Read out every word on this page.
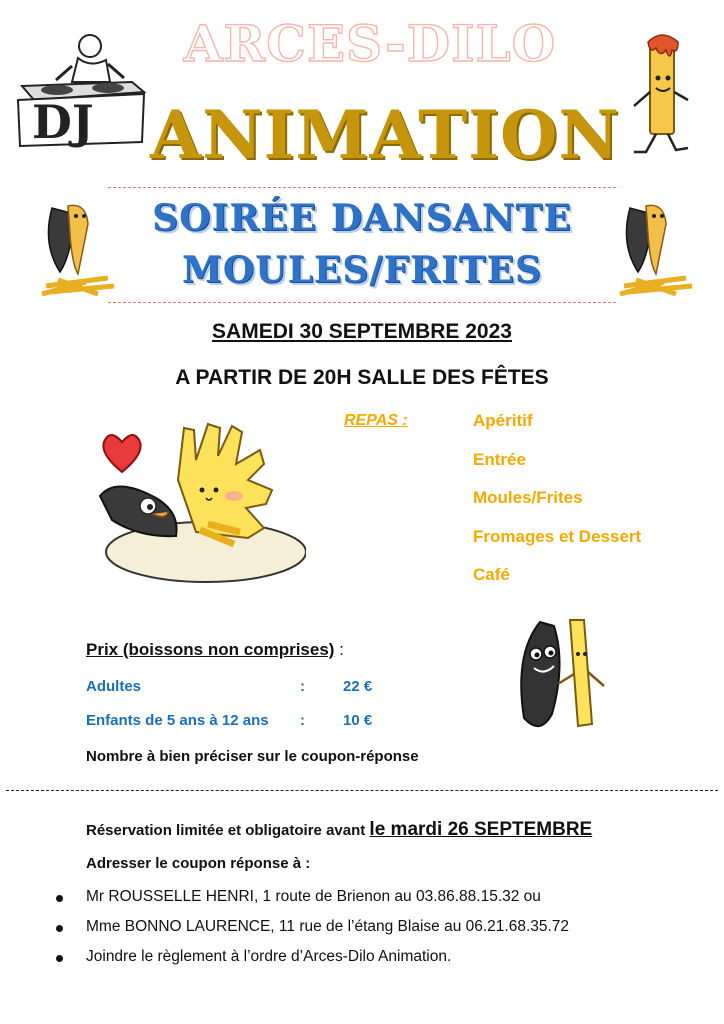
ARCES-DILO
DJ ANIMATION
SOIRÉE DANSANTE
MOULES/FRITES
SAMEDI 30 SEPTEMBRE 2023
A PARTIR DE 20H SALLE DES FÊTES
REPAS :	Apéritif
Entrée
Moules/Frites
Fromages et Dessert
Café
Prix (boissons non comprises) :
Adultes	:	22 €
Enfants de 5 ans à 12 ans :	10 €
Nombre à bien préciser sur le coupon-réponse
Réservation limitée et obligatoire avant le mardi 26 SEPTEMBRE
Adresser le coupon réponse à :
Mr ROUSSELLE HENRI, 1 route de Brienon au 03.86.88.15.32 ou
Mme BONNO LAURENCE, 11 rue de l’étang Blaise au 06.21.68.35.72
Joindre le règlement à l’ordre d’Arces-Dilo Animation.
